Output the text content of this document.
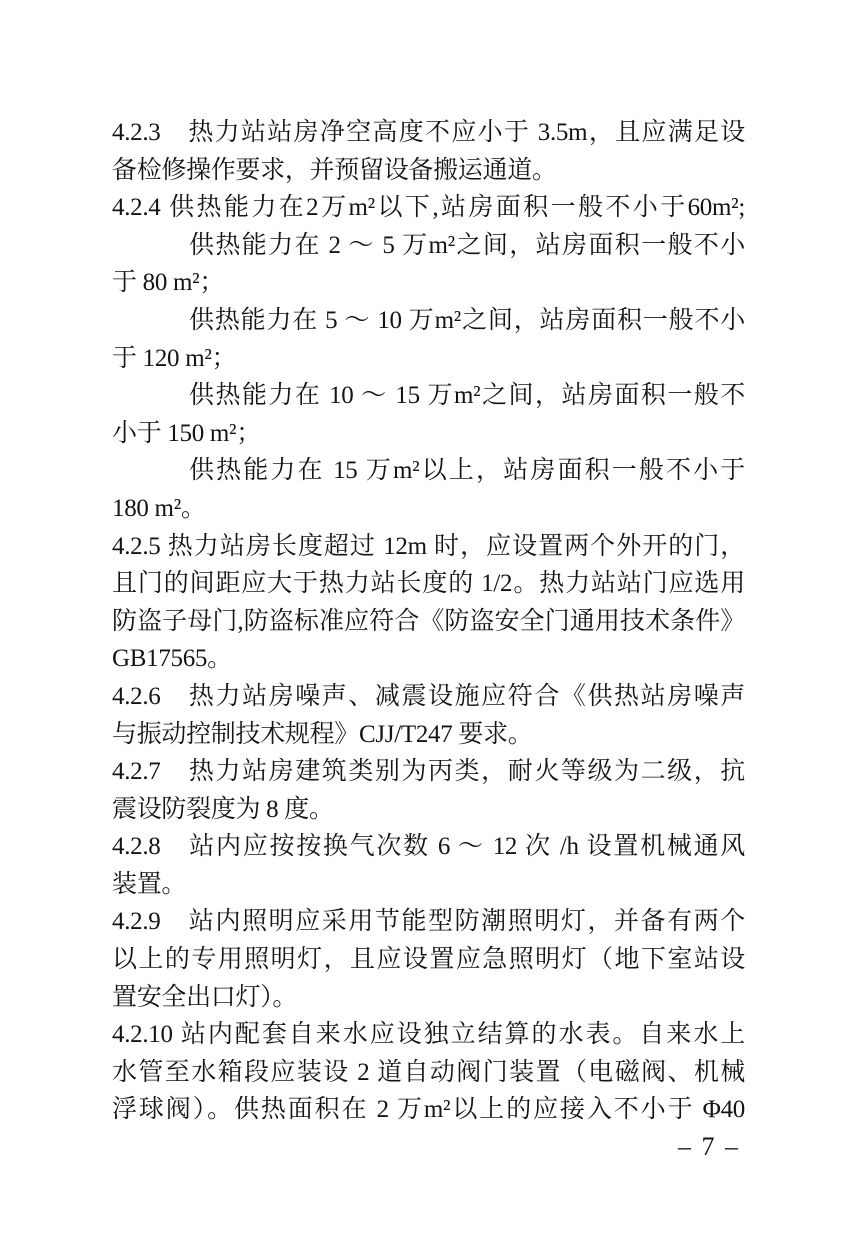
4.2.3　热力站站房净空高度不应小于 3.5m，且应满足设
备检修操作要求，并预留设备搬运通道。
4.2.4 供热能力在2万m²以下,站房面积一般不小于60m²;
供热能力在 2 ～ 5 万m²之间，站房面积一般不小
于 80 m²；
供热能力在 5 ～ 10 万m²之间，站房面积一般不小
于 120 m²；
供热能力在 10 ～ 15 万m²之间，站房面积一般不
小于 150 m²；
供热能力在 15 万m²以上，站房面积一般不小于
180 m²。
4.2.5 热力站房长度超过 12m 时，应设置两个外开的门，
且门的间距应大于热力站长度的 1/2。热力站站门应选用
防盗子母门,防盗标准应符合《防盗安全门通用技术条件》
GB17565。
4.2.6　热力站房噪声、减震设施应符合《供热站房噪声
与振动控制技术规程》CJJ/T247 要求。
4.2.7　热力站房建筑类别为丙类，耐火等级为二级，抗
震设防裂度为 8 度。
4.2.8　站内应按按换气次数 6 ～ 12 次 /h 设置机械通风
装置。
4.2.9　站内照明应采用节能型防潮照明灯，并备有两个
以上的专用照明灯，且应设置应急照明灯（地下室站设
置安全出口灯）。
4.2.10 站内配套自来水应设独立结算的水表。自来水上
水管至水箱段应装设 2 道自动阀门装置（电磁阀、机械
浮球阀）。供热面积在 2 万m²以上的应接入不小于 Φ40
– 7 –
